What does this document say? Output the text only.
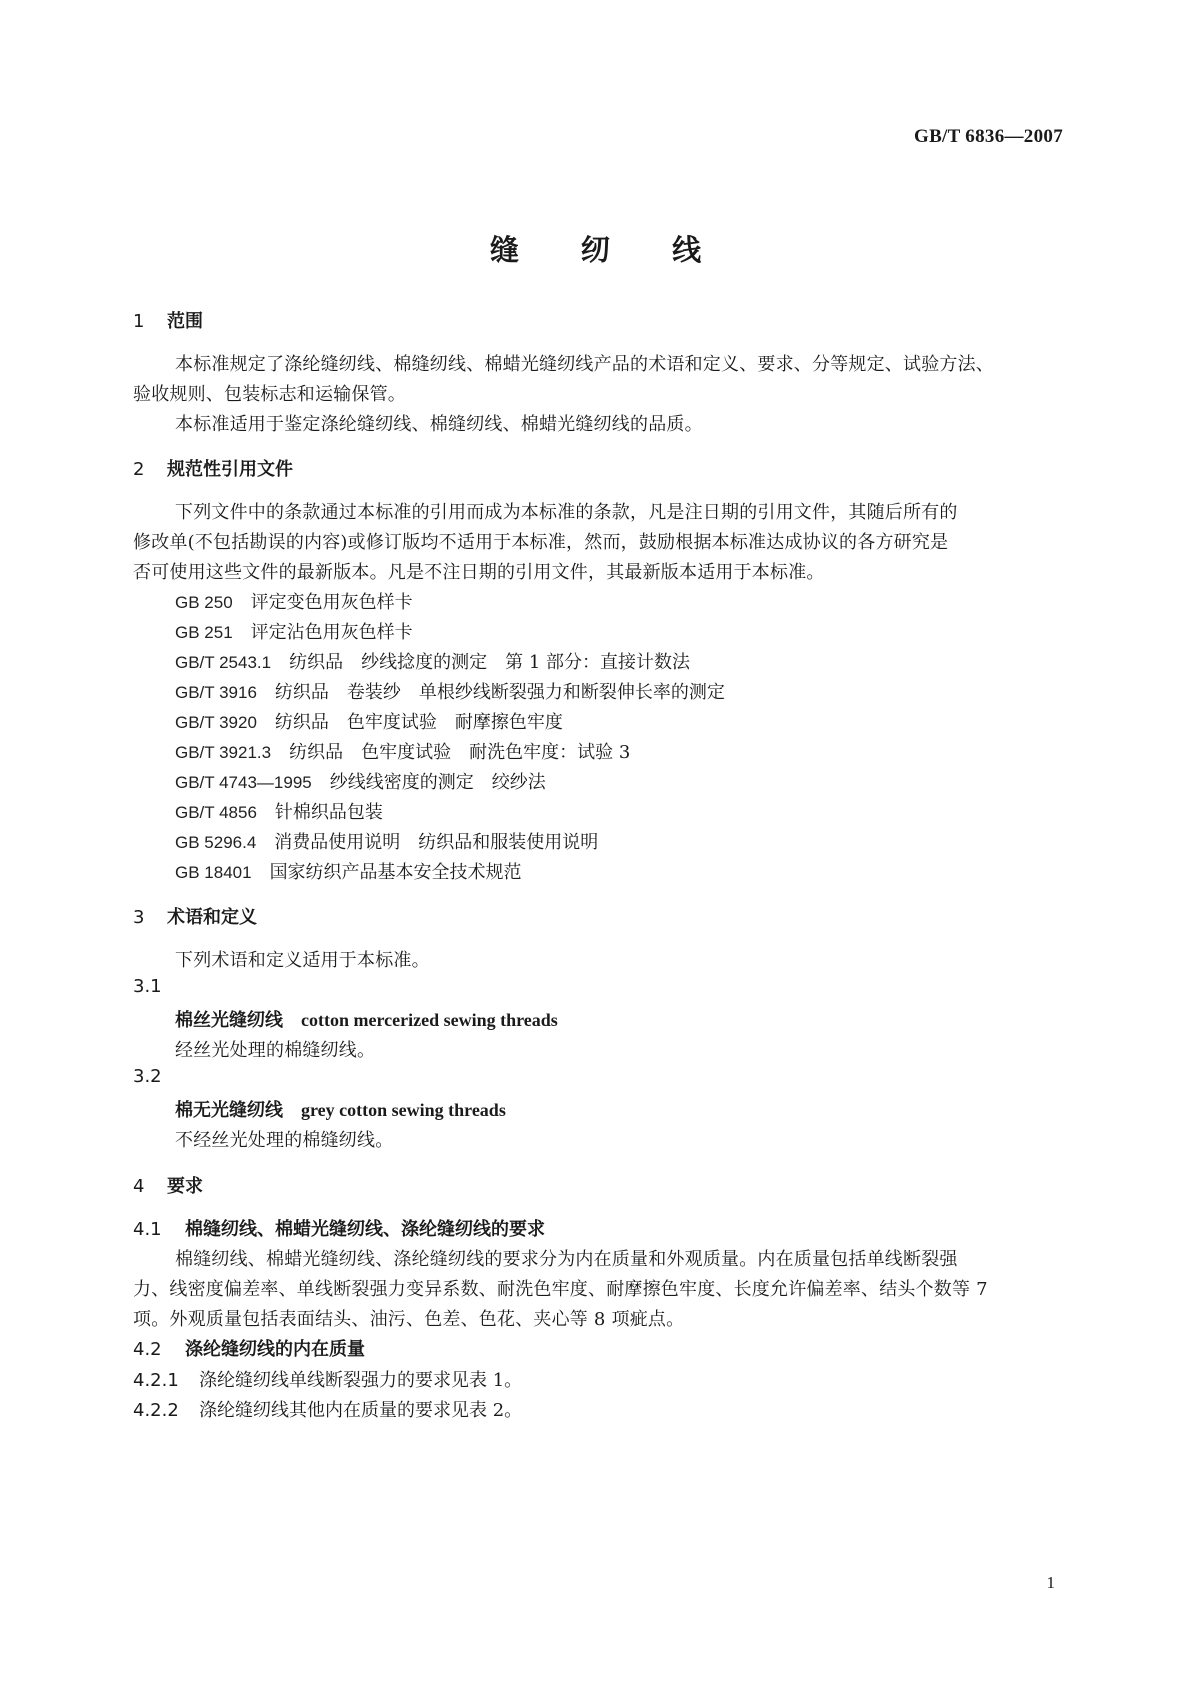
GB/T 6836—2007
缝 纫 线
1 范围
本标准规定了涤纶缝纫线、棉缝纫线、棉蜡光缝纫线产品的术语和定义、要求、分等规定、试验方法、
验收规则、包装标志和运输保管。
本标准适用于鉴定涤纶缝纫线、棉缝纫线、棉蜡光缝纫线的品质。
2 规范性引用文件
下列文件中的条款通过本标准的引用而成为本标准的条款，凡是注日期的引用文件，其随后所有的
修改单(不包括勘误的内容)或修订版均不适用于本标准，然而，鼓励根据本标准达成协议的各方研究是
否可使用这些文件的最新版本。凡是不注日期的引用文件，其最新版本适用于本标准。
GB 250　 评定变色用灰色样卡
GB 251　 评定沾色用灰色样卡
GB/T 2543.1　 纺织品　纱线捻度的测定　第 1 部分：直接计数法
GB/T 3916　 纺织品　卷装纱　单根纱线断裂强力和断裂伸长率的测定
GB/T 3920　 纺织品　色牢度试验　耐摩擦色牢度
GB/T 3921.3　 纺织品　色牢度试验　耐洗色牢度：试验 3
GB/T 4743—1995　 纱线线密度的测定　绞纱法
GB/T 4856　 针棉织品包装
GB 5296.4　 消费品使用说明　纺织品和服装使用说明
GB 18401　 国家纺织产品基本安全技术规范
3 术语和定义
下列术语和定义适用于本标准。
3.1
棉丝光缝纫线 cotton mercerized sewing threads
经丝光处理的棉缝纫线。
3.2
棉无光缝纫线 grey cotton sewing threads
不经丝光处理的棉缝纫线。
4 要求
4.1 棉缝纫线、棉蜡光缝纫线、涤纶缝纫线的要求
棉缝纫线、棉蜡光缝纫线、涤纶缝纫线的要求分为内在质量和外观质量。内在质量包括单线断裂强
力、线密度偏差率、单线断裂强力变异系数、耐洗色牢度、耐摩擦色牢度、长度允许偏差率、结头个数等 7
项。外观质量包括表面结头、油污、色差、色花、夹心等 8 项疵点。
4.2 涤纶缝纫线的内在质量
4.2.1 涤纶缝纫线单线断裂强力的要求见表 1。
4.2.2 涤纶缝纫线其他内在质量的要求见表 2。
1
